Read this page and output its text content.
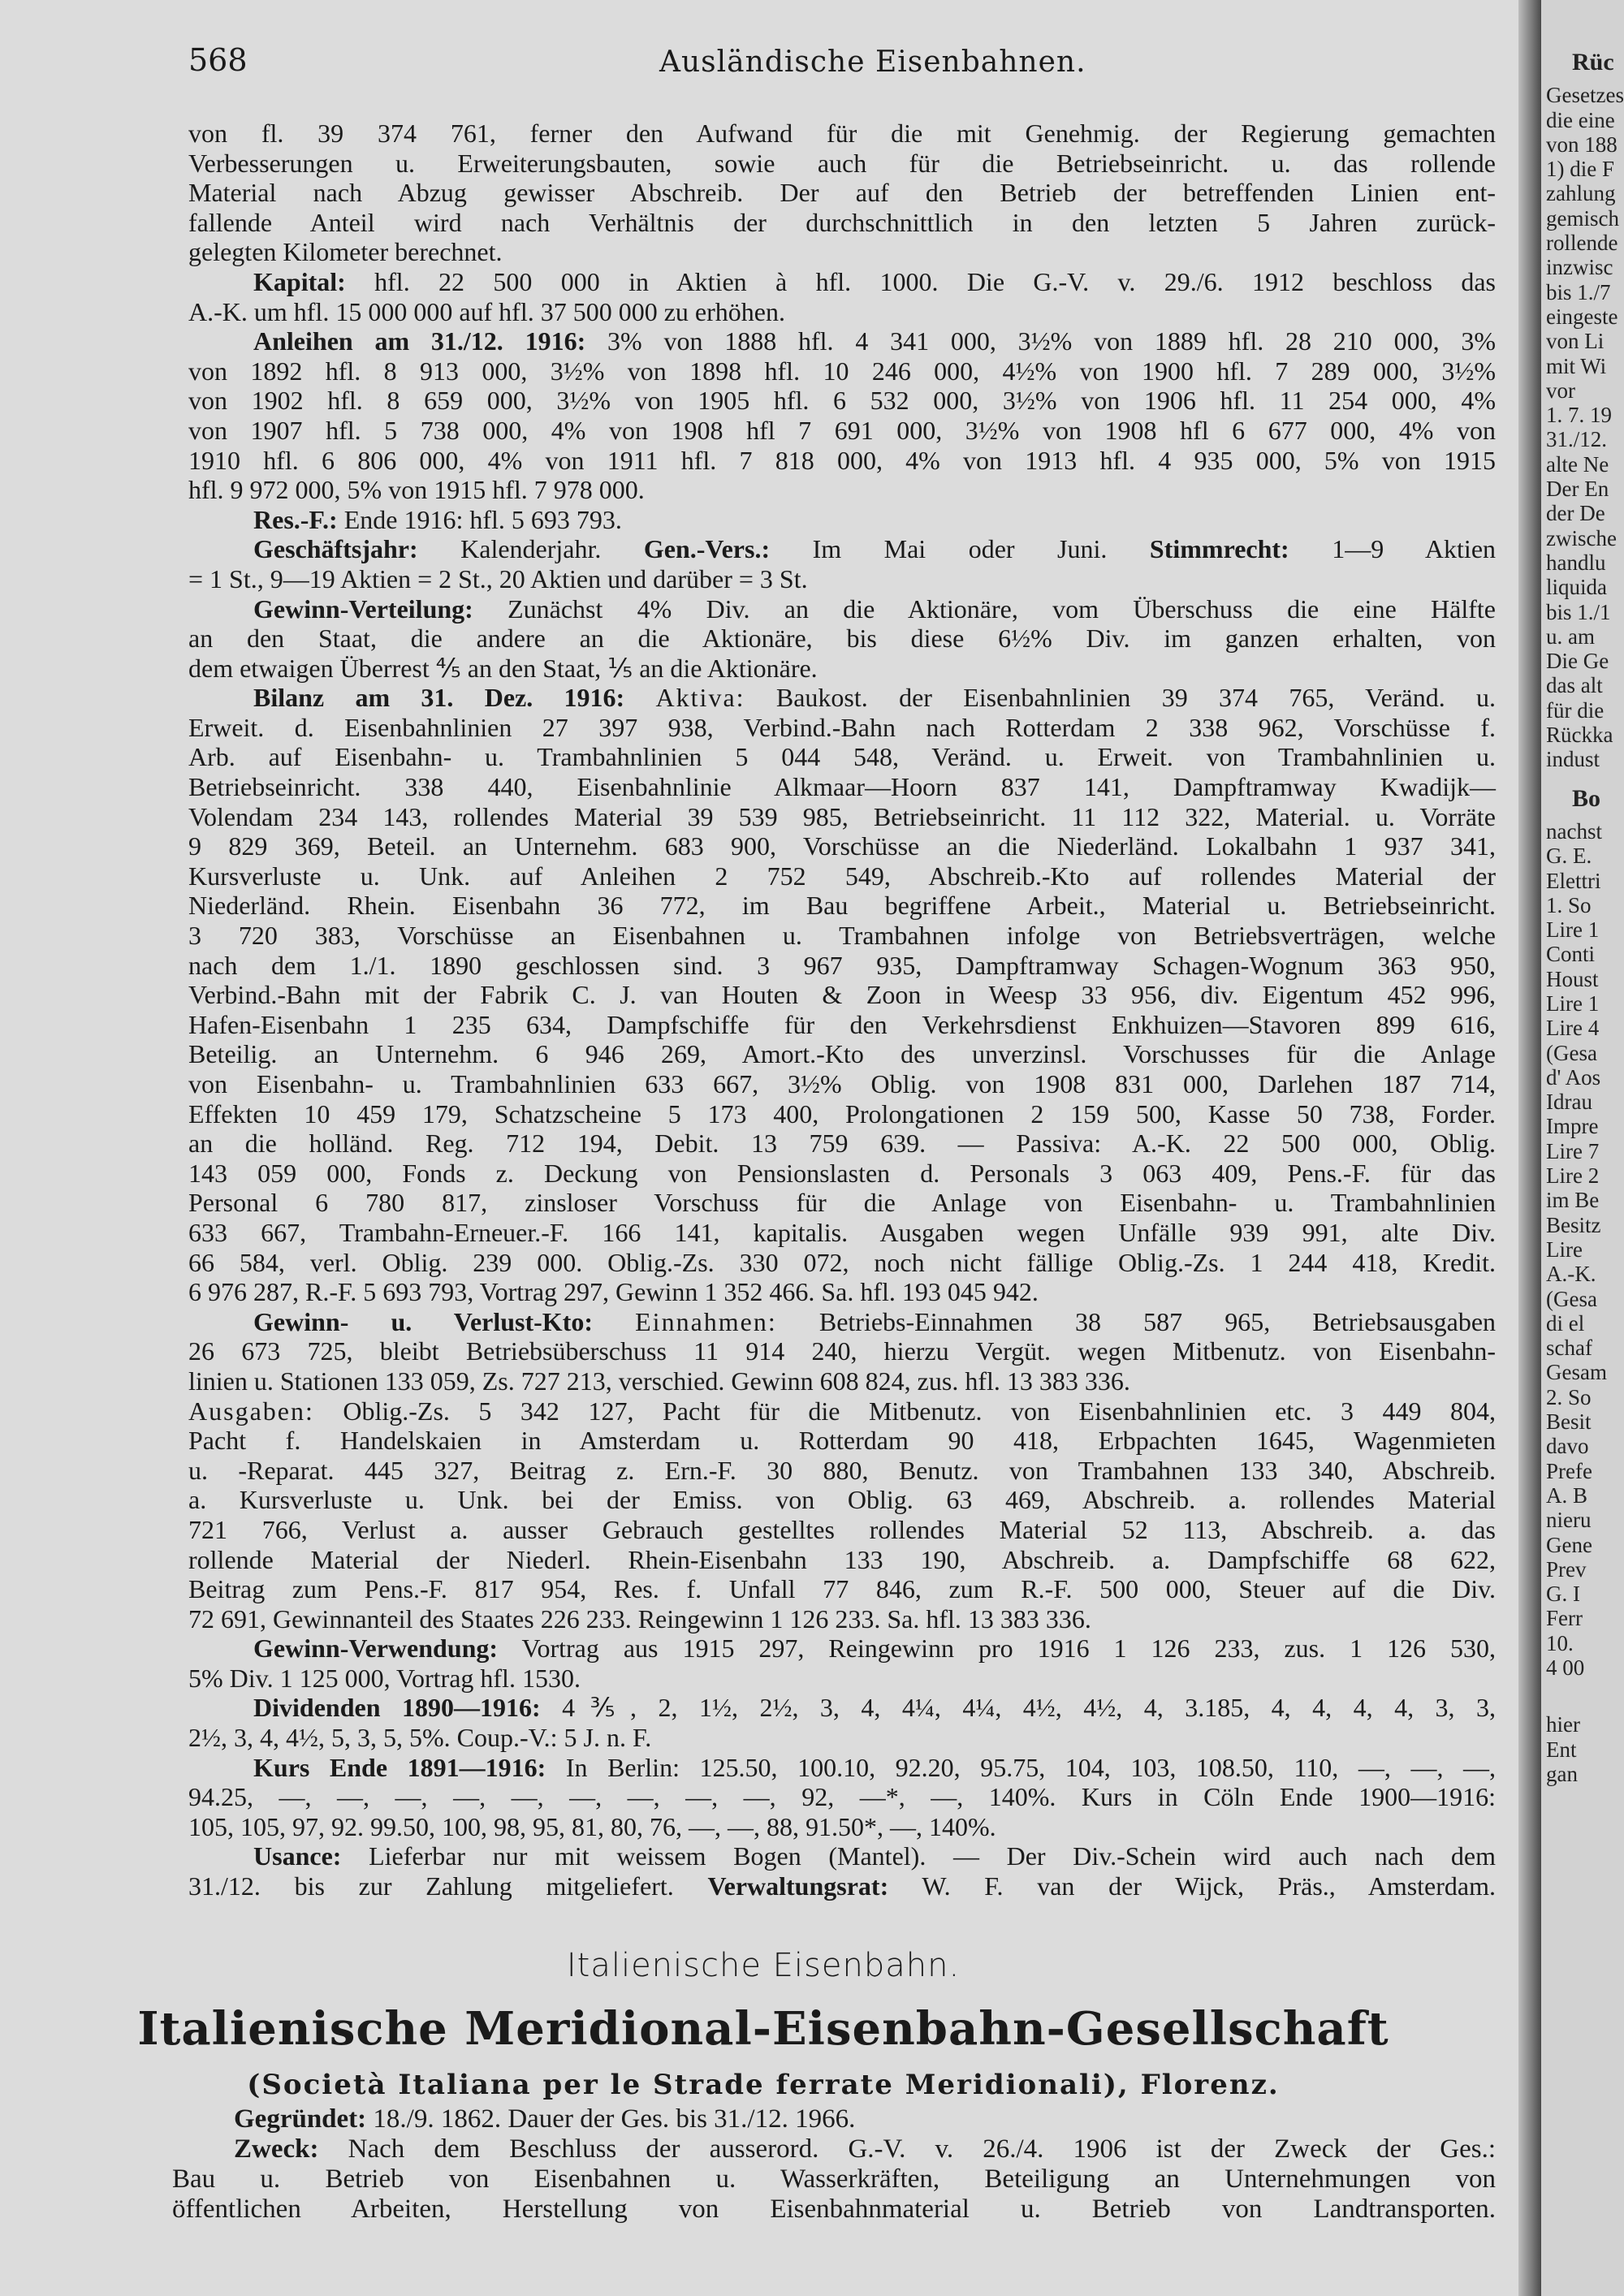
568	Ausländische Eisenbahnen.

von fl. 39 374 761, ferner den Aufwand für die mit Genehmig. der Regierung gemachten

Verbesserungen u. Erweiterungsbauten, sowie auch für die Betriebseinricht. u. das rollende

Material nach Abzug gewisser Abschreib. Der auf den Betrieb der betreffenden Linien ent-

fallende Anteil wird nach Verhältnis der durchschnittlich in den letzten 5 Jahren zurück-

gelegten Kilometer berechnet.

Kapital: hfl. 22 500 000 in Aktien à hfl. 1000. Die G.-V. v. 29./6. 1912 beschloss das

A.-K. um hfl. 15 000 000 auf hfl. 37 500 000 zu erhöhen.

Anleihen am 31./12. 1916: 3% von 1888 hfl. 4 341 000, 3½% von 1889 hfl. 28 210 000, 3%

von 1892 hfl. 8 913 000, 3½% von 1898 hfl. 10 246 000, 4½% von 1900 hfl. 7 289 000, 3½%

von 1902 hfl. 8 659 000, 3½% von 1905 hfl. 6 532 000, 3½% von 1906 hfl. 11 254 000, 4%

von 1907 hfl. 5 738 000, 4% von 1908 hfl 7 691 000, 3½% von 1908 hfl 6 677 000, 4% von

1910 hfl. 6 806 000, 4% von 1911 hfl. 7 818 000, 4% von 1913 hfl. 4 935 000, 5% von 1915

hfl. 9 972 000, 5% von 1915 hfl. 7 978 000.

Res.-F.: Ende 1916: hfl. 5 693 793.

Geschäftsjahr: Kalenderjahr. Gen.-Vers.: Im Mai oder Juni. Stimmrecht: 1—9 Aktien

= 1 St., 9—19 Aktien = 2 St., 20 Aktien und darüber = 3 St.

Gewinn-Verteilung: Zunächst 4% Div. an die Aktionäre, vom Überschuss die eine Hälfte

an den Staat, die andere an die Aktionäre, bis diese 6½% Div. im ganzen erhalten, von

dem etwaigen Überrest ⅘ an den Staat, ⅕ an die Aktionäre.

Bilanz am 31. Dez. 1916: Aktiva: Baukost. der Eisenbahnlinien 39 374 765, Veränd. u.

Erweit. d. Eisenbahnlinien 27 397 938, Verbind.-Bahn nach Rotterdam 2 338 962, Vorschüsse f.

Arb. auf Eisenbahn- u. Trambahnlinien 5 044 548, Veränd. u. Erweit. von Trambahnlinien u.

Betriebseinricht. 338 440, Eisenbahnlinie Alkmaar—Hoorn 837 141, Dampftramway Kwadijk—

Volendam 234 143, rollendes Material 39 539 985, Betriebseinricht. 11 112 322, Material. u. Vorräte

9 829 369, Beteil. an Unternehm. 683 900, Vorschüsse an die Niederländ. Lokalbahn 1 937 341,

Kursverluste u. Unk. auf Anleihen 2 752 549, Abschreib.-Kto auf rollendes Material der

Niederländ. Rhein. Eisenbahn 36 772, im Bau begriffene Arbeit., Material u. Betriebseinricht.

3 720 383, Vorschüsse an Eisenbahnen u. Trambahnen infolge von Betriebsverträgen, welche

nach dem 1./1. 1890 geschlossen sind. 3 967 935, Dampftramway Schagen-Wognum 363 950,

Verbind.-Bahn mit der Fabrik C. J. van Houten & Zoon in Weesp 33 956, div. Eigentum 452 996,

Hafen-Eisenbahn 1 235 634, Dampfschiffe für den Verkehrsdienst Enkhuizen—Stavoren 899 616,

Beteilig. an Unternehm. 6 946 269, Amort.-Kto des unverzinsl. Vorschusses für die Anlage

von Eisenbahn- u. Trambahnlinien 633 667, 3½% Oblig. von 1908 831 000, Darlehen 187 714,

Effekten 10 459 179, Schatzscheine 5 173 400, Prolongationen 2 159 500, Kasse 50 738, Forder.

an die holländ. Reg. 712 194, Debit. 13 759 639. — Passiva: A.-K. 22 500 000, Oblig.

143 059 000, Fonds z. Deckung von Pensionslasten d. Personals 3 063 409, Pens.-F. für das

Personal 6 780 817, zinsloser Vorschuss für die Anlage von Eisenbahn- u. Trambahnlinien

633 667, Trambahn-Erneuer.-F. 166 141, kapitalis. Ausgaben wegen Unfälle 939 991, alte Div.

66 584, verl. Oblig. 239 000. Oblig.-Zs. 330 072, noch nicht fällige Oblig.-Zs. 1 244 418, Kredit.

6 976 287, R.-F. 5 693 793, Vortrag 297, Gewinn 1 352 466. Sa. hfl. 193 045 942.

Gewinn- u. Verlust-Kto: Einnahmen: Betriebs-Einnahmen 38 587 965, Betriebsausgaben

26 673 725, bleibt Betriebsüberschuss 11 914 240, hierzu Vergüt. wegen Mitbenutz. von Eisenbahn-

linien u. Stationen 133 059, Zs. 727 213, verschied. Gewinn 608 824, zus. hfl. 13 383 336.

Ausgaben: Oblig.-Zs. 5 342 127, Pacht für die Mitbenutz. von Eisenbahnlinien etc. 3 449 804,

Pacht f. Handelskaien in Amsterdam u. Rotterdam 90 418, Erbpachten 1645, Wagenmieten

u. -Reparat. 445 327, Beitrag z. Ern.-F. 30 880, Benutz. von Trambahnen 133 340, Abschreib.

a. Kursverluste u. Unk. bei der Emiss. von Oblig. 63 469, Abschreib. a. rollendes Material

721 766, Verlust a. ausser Gebrauch gestelltes rollendes Material 52 113, Abschreib. a. das

rollende Material der Niederl. Rhein-Eisenbahn 133 190, Abschreib. a. Dampfschiffe 68 622,

Beitrag zum Pens.-F. 817 954, Res. f. Unfall 77 846, zum R.-F. 500 000, Steuer auf die Div.

72 691, Gewinnanteil des Staates 226 233. Reingewinn 1 126 233. Sa. hfl. 13 383 336.

Gewinn-Verwendung: Vortrag aus 1915 297, Reingewinn pro 1916 1 126 233, zus. 1 126 530,

5% Div. 1 125 000, Vortrag hfl. 1530.

Dividenden 1890—1916: 4⅗, 2, 1½, 2½, 3, 4, 4¼, 4¼, 4½, 4½, 4, 3.185, 4, 4, 4, 4, 3, 3,

2½, 3, 4, 4½, 5, 3, 5, 5%. Coup.-V.: 5 J. n. F.

Kurs Ende 1891—1916: In Berlin: 125.50, 100.10, 92.20, 95.75, 104, 103, 108.50, 110, —, —, —,

94.25, —, —, —, —, —, —, —, —, —, 92, —*, —, 140%. Kurs in Cöln Ende 1900—1916:

105, 105, 97, 92. 99.50, 100, 98, 95, 81, 80, 76, —, —, 88, 91.50*, —, 140%.

Usance: Lieferbar nur mit weissem Bogen (Mantel). — Der Div.-Schein wird auch nach dem

31./12. bis zur Zahlung mitgeliefert. Verwaltungsrat: W. F. van der Wijck, Präs., Amsterdam.

Italienische Eisenbahn.
Italienische Meridional-Eisenbahn-Gesellschaft
(Società Italiana per le Strade ferrate Meridionali), Florenz.

Gegründet: 18./9. 1862. Dauer der Ges. bis 31./12. 1966.

Zweck: Nach dem Beschluss der ausserord. G.-V. v. 26./4. 1906 ist der Zweck der Ges.:

Bau u. Betrieb von Eisenbahnen u. Wasserkräften, Beteiligung an Unternehmungen von

öffentlichen Arbeiten, Herstellung von Eisenbahnmaterial u. Betrieb von Landtransporten.

Rüc
Gesetzes
die eine
von 188
1) die F
zahlung
gemisch
rollende
inzwisc
bis 1./7
eingeste
von Li
mit Wi
vor
1. 7. 19
31./12.
alte Ne
Der En
der De
zwische
handlu
liquida
bis 1./1
u. am
Die Ge
das alt
für die
Rückka
indust
Bo
nachst
G. E.
Elettri
1. So
Lire 1
Conti
Houst
Lire 1
Lire 4
(Gesa
d' Aos
Idrau
Impre
Lire 7
Lire 2
im Be
Besitz
Lire
A.-K.
(Gesa
di el
schaf
Gesam
2. So
Besit
davo
Prefe
A. B
nieru
Gene
Prev
G. I
Ferr
10.
4 00
hier
Ent
gan
